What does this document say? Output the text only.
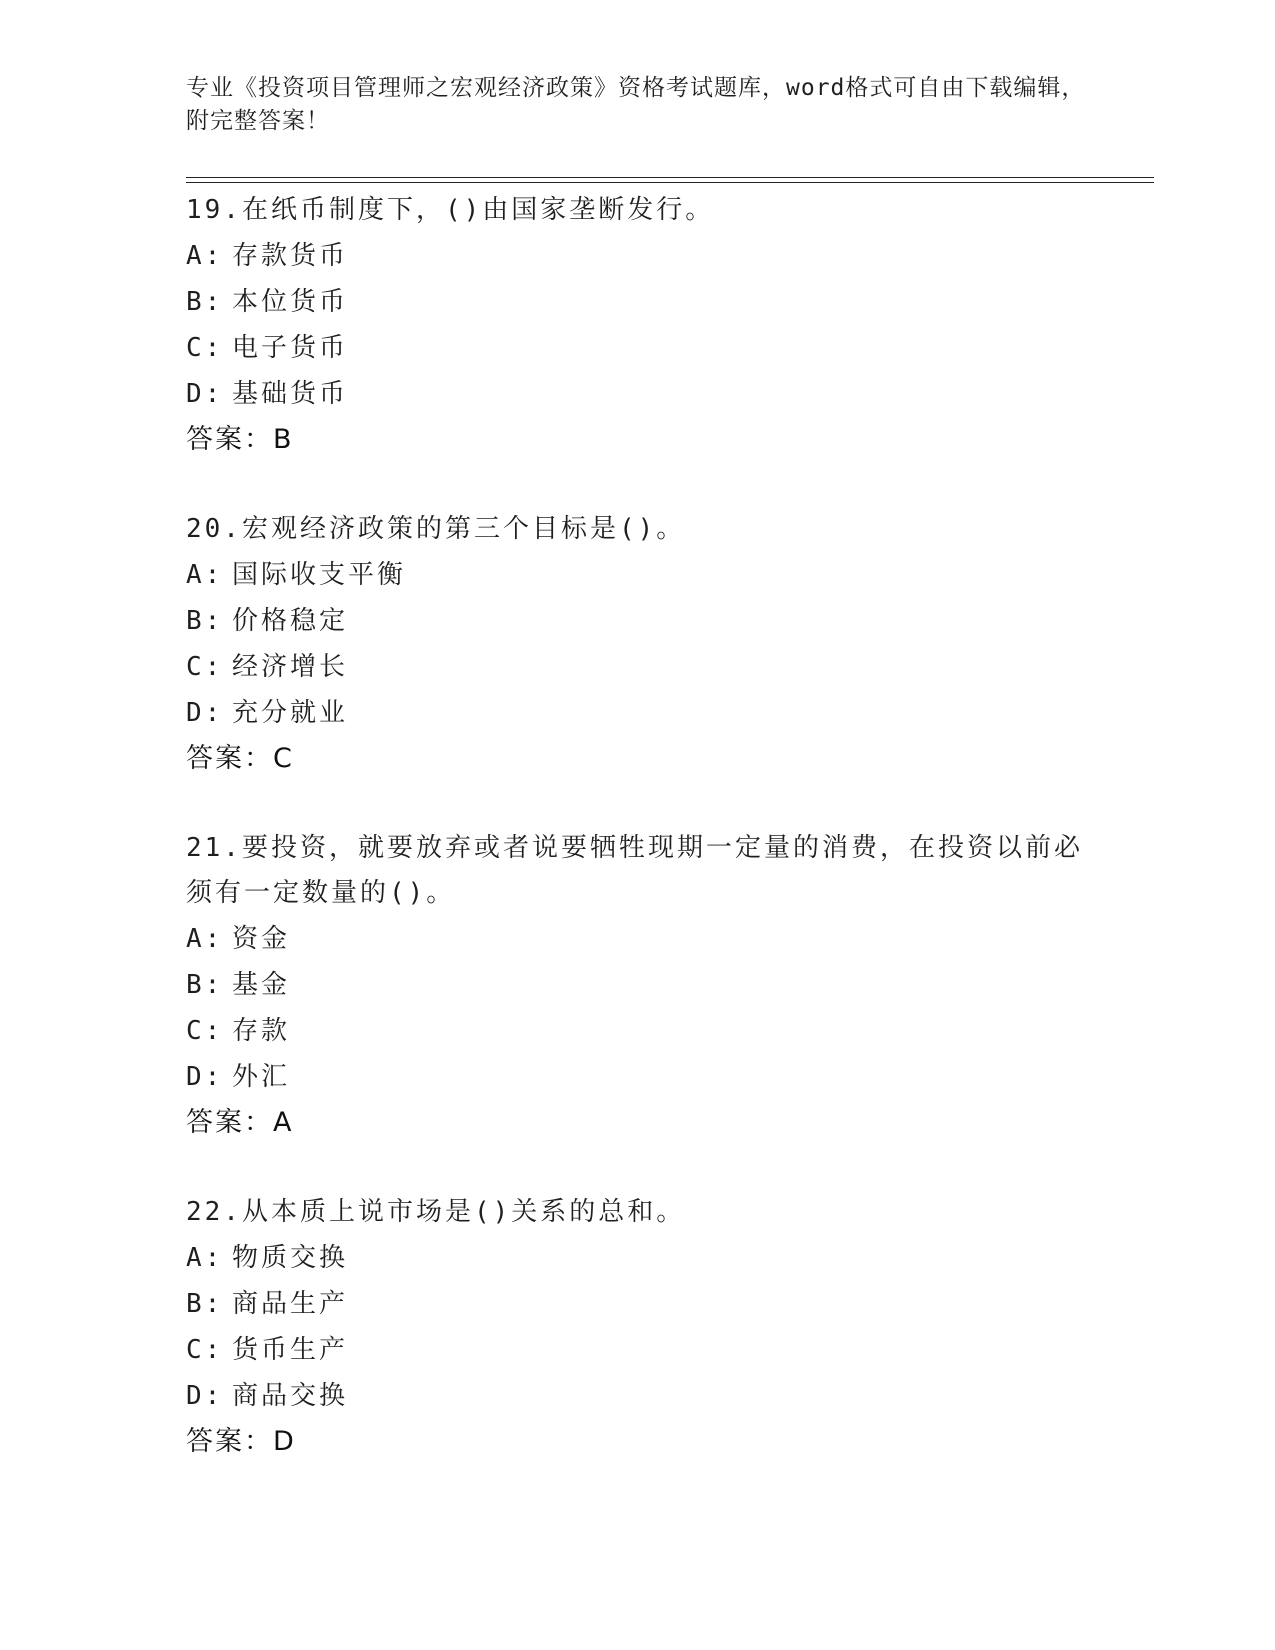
专业《投资项目管理师之宏观经济政策》资格考试题库，word格式可自由下载编辑，附完整答案！
19.在纸币制度下，()由国家垄断发行。
A: 存款货币
B: 本位货币
C: 电子货币
D: 基础货币
答案：B
20.宏观经济政策的第三个目标是()。
A: 国际收支平衡
B: 价格稳定
C: 经济增长
D: 充分就业
答案：C
21.要投资，就要放弃或者说要牺牲现期一定量的消费，在投资以前必须有一定数量的()。
A: 资金
B: 基金
C: 存款
D: 外汇
答案：A
22.从本质上说市场是()关系的总和。
A: 物质交换
B: 商品生产
C: 货币生产
D: 商品交换
答案：D
